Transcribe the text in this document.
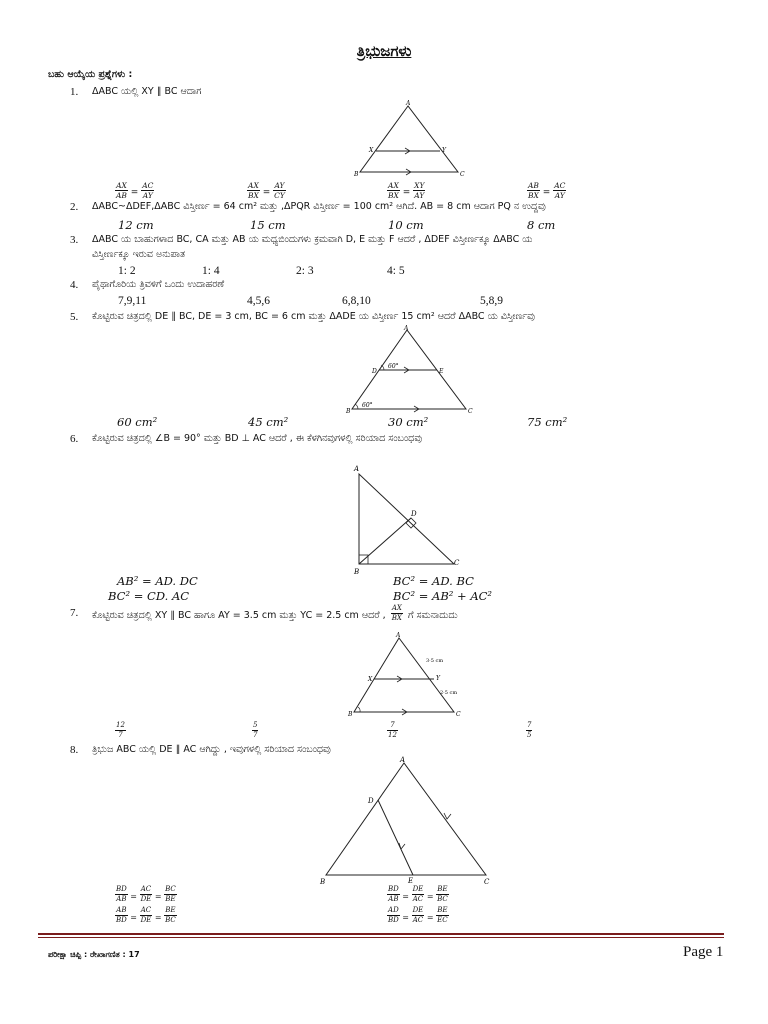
ತ್ರಿಭುಜಗಳು
ಬಹು ಆಯ್ಕೆಯ ಪ್ರಶ್ನೆಗಳು :
1. ΔABC ಯಲ್ಲಿ XY ∥ BC ಆದಾಗ
A
X	Y
B	C
$\frac{AX}{AB} = \frac{AC}{AY}$	$\frac{AX}{BX} = \frac{AY}{CY}$	$\frac{AX}{BX} = \frac{XY}{AY}$	$\frac{AB}{BX} = \frac{AC}{AY}$
2. ΔABC~ΔDEF,ΔABC ವಿಸ್ತೀರ್ಣ = 64 cm² ಮತ್ತು ,ΔPQR ವಿಸ್ತೀರ್ಣ = 100 cm² ಆಗಿದೆ. AB = 8 cm ಆದಾಗ PQ ನ ಉದ್ದವು
12 cm	15 cm	10 cm	8 cm
3. ΔABC ಯ ಬಾಹುಗಳಾದ BC, CA ಮತ್ತು AB ಯ ಮಧ್ಯಬಿಂದುಗಳು ಕ್ರಮವಾಗಿ D, E ಮತ್ತು F ಆದರೆ , ΔDEF ವಿಸ್ತೀರ್ಣಕ್ಕೂ ΔABC ಯ
ವಿಸ್ತೀರ್ಣಕ್ಕೂ ಇರುವ ಅನುಪಾತ
1: 2	1: 4	2: 3	4: 5
4. ಪೈಥಾಗೊರಿಯ ತ್ರಿವಳಿಗೆ ಒಂದು ಉದಾಹರಣೆ
7,9,11	4,5,6	6,8,10	5,8,9
5. ಕೊಟ್ಟಿರುವ ಚಿತ್ರದಲ್ಲಿ DE ∥ BC, DE = 3 cm, BC = 6 cm ಮತ್ತು ΔADE ಯ ವಿಸ್ತೀರ್ಣ 15 cm² ಆದರೆ ΔABC ಯ ವಿಸ್ತೀರ್ಣವು
A
D	E
B	C
60°
60°
60 cm²	45 cm²	30 cm²	75 cm²
6. ಕೊಟ್ಟಿರುವ ಚಿತ್ರದಲ್ಲಿ ∠B = 90° ಮತ್ತು BD ⊥ AC ಆದರೆ , ಈ ಕೆಳಗಿನವುಗಳಲ್ಲಿ ಸರಿಯಾದ ಸಂಬಂಧವು
A
D
B
C
AB² = AD. DC	BC² = AD. BC
BC² = CD. AC	BC² = AB² + AC²
7. ಕೊಟ್ಟಿರುವ ಚಿತ್ರದಲ್ಲಿ XY ∥ BC ಹಾಗೂ AY = 3.5 cm ಮತ್ತು YC = 2.5 cm ಆದರೆ , $\frac{AX}{BX}$ ಗೆ ಸಮನಾದುದು
A
X	Y
B	C
3·5 cm
2·5 cm
$\frac{12}{7}$	$\frac{5}{7}$	$\frac{7}{12}$	$\frac{7}{5}$
8. ತ್ರಿಭುಜ ABC ಯಲ್ಲಿ DE ∥ AC ಆಗಿದ್ದು , ಇವುಗಳಲ್ಲಿ ಸರಿಯಾದ ಸಂಬಂಧವು
A
D
B	E	C
$\frac{BD}{AB} = \frac{AC}{DE} = \frac{BC}{BE}$	$\frac{BD}{AB} = \frac{DE}{AC} = \frac{BE}{BC}$
$\frac{AB}{BD} = \frac{AC}{DE} = \frac{BE}{BC}$	$\frac{AD}{BD} = \frac{DE}{AC} = \frac{BE}{EC}$
ಪರೀಕ್ಷಾ ಚಿಪ್ಪಿ : ರೇಖಾಗಣಿತ : 17	Page 1
